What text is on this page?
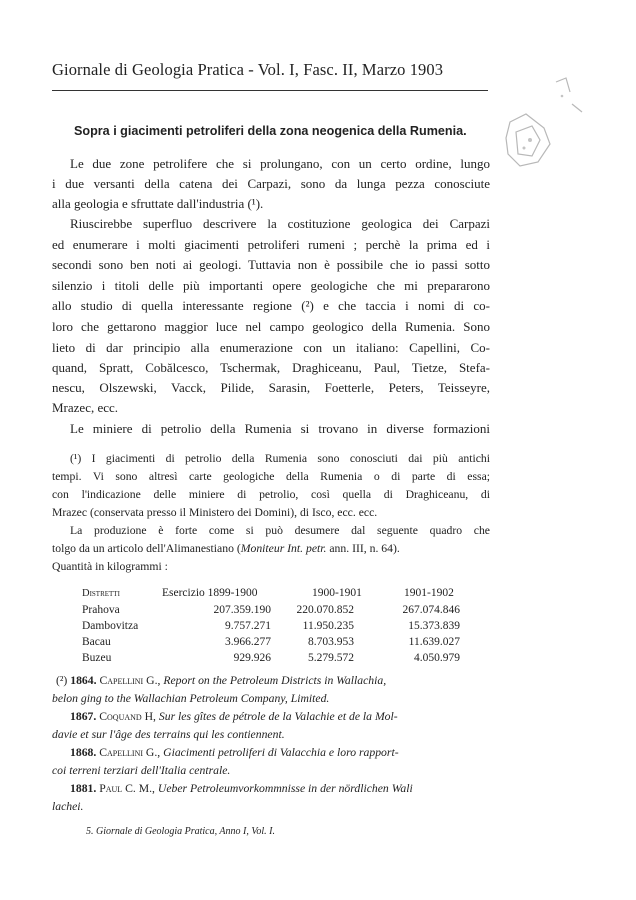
Giornale di Geologia Pratica - Vol. I, Fasc. II, Marzo 1903
Sopra i giacimenti petroliferi della zona neogenica della Rumenia.
Le due zone petrolifere che si prolungano, con un certo ordine, lungo
i due versanti della catena dei Carpazi, sono da lunga pezza conosciute
alla geologia e sfruttate dall'industria (¹).
Riuscirebbe superfluo descrivere la costituzione geologica dei Carpazi
ed enumerare i molti giacimenti petroliferi rumeni ; perchè la prima ed i
secondi sono ben noti ai geologi. Tuttavia non è possibile che io passi sotto
silenzio i titoli delle più importanti opere geologiche che mi prepararono
allo studio di quella interessante regione (²) e che taccia i nomi di co-
loro che gettarono maggior luce nel campo geologico della Rumenia. Sono
lieto di dar principio alla enumerazione con un italiano: Capellini, Co-
quand, Spratt, Cobălcesco, Tschermak, Draghiceanu, Paul, Tietze, Stefa-
nescu, Olszewski, Vacck, Pilide, Sarasin, Foetterle, Peters, Teisseyre,
Mrazec, ecc.
Le miniere di petrolio della Rumenia si trovano in diverse formazioni
(¹) I giacimenti di petrolio della Rumenia sono conosciuti dai più antichi
tempi. Vi sono altresì carte geologiche della Rumenia o di parte di essa;
con l'indicazione delle miniere di petrolio, così quella di Draghiceanu, di
Mrazec (conservata presso il Ministero dei Domini), di Isco, ecc. ecc.
La produzione è forte come si può desumere dal seguente quadro che
tolgo da un articolo dell'Alimanestiano (Moniteur Int. petr. ann. III, n. 64).
Quantità in kilogrammi :
Distretti	Esercizio 1899-1900	1900-1901	1901-1902
Prahova	207.359.190	220.070.852	267.074.846
Dambovitza	9.757.271	11.950.235	15.373.839
Bacau	3.966.277	8.703.953	11.639.027
Buzeu	929.926	5.279.572	4.050.979
(²) 1864. Capellini G., Report on the Petroleum Districts in Wallachia,
belon ging to the Wallachian Petroleum Company, Limited.
1867. Coquand H, Sur les gîtes de pétrole de la Valachie et de la Mol-
davie et sur l'âge des terrains qui les contiennent.
1868. Capellini G., Giacimenti petroliferi di Valacchia e loro rapport-
coi terreni terziari dell'Italia centrale.
1881. Paul C. M., Ueber Petroleumvorkommnisse in der nördlichen Wali
lachei.
5. Giornale di Geologia Pratica, Anno I, Vol. I.
